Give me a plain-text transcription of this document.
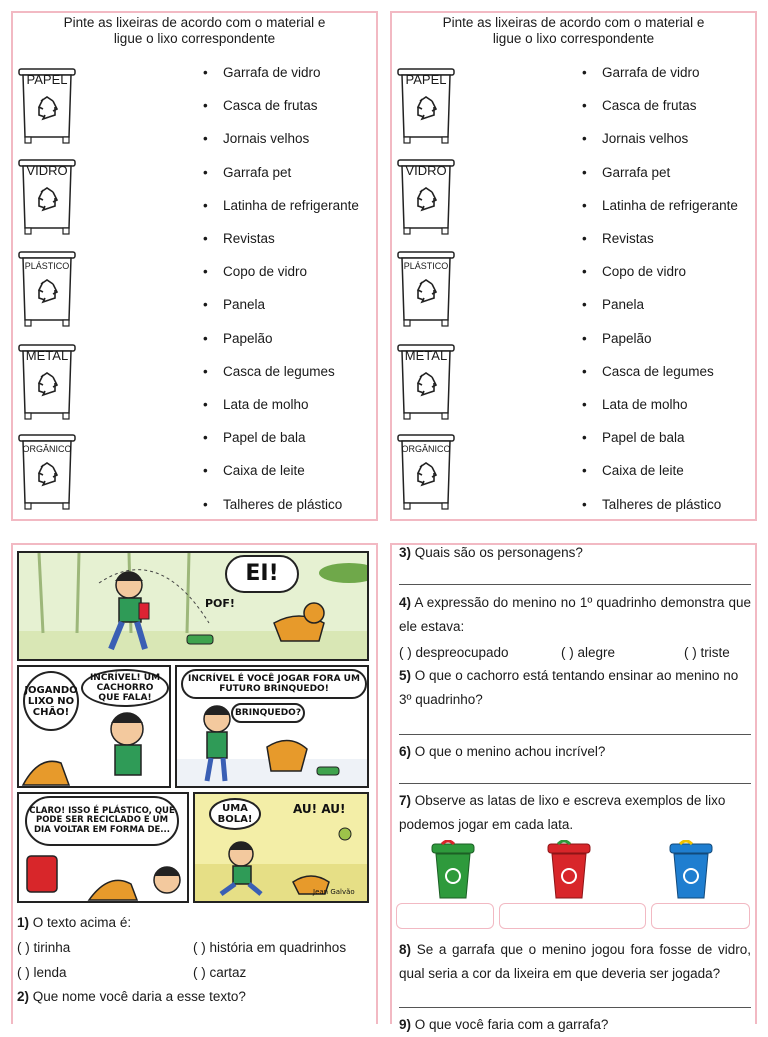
Pinte as lixeiras de acordo com o material e
ligue o lixo correspondente
PAPEL
VIDRO
PLÁSTICO
METAL
ORGÂNICO
• Garrafa de vidro
• Casca de frutas
• Jornais velhos
• Garrafa pet
• Latinha de refrigerante
• Revistas
• Copo de vidro
• Panela
• Papelão
• Casca de legumes
• Lata de molho
• Papel de bala
• Caixa de leite
• Talheres de plástico
Pinte as lixeiras de acordo com o material e
ligue o lixo correspondente
PAPEL
VIDRO
PLÁSTICO
METAL
ORGÂNICO
• Garrafa de vidro
• Casca de frutas
• Jornais velhos
• Garrafa pet
• Latinha de refrigerante
• Revistas
• Copo de vidro
• Panela
• Papelão
• Casca de legumes
• Lata de molho
• Papel de bala
• Caixa de leite
• Talheres de plástico
EI!
POF!
JOGANDO LIXO NO CHÃO!
INCRÍVEL! UM CACHORRO QUE FALA!
INCRÍVEL É VOCÊ JOGAR FORA UM FUTURO BRINQUEDO!
BRINQUEDO?
CLARO! ISSO É PLÁSTICO, QUE PODE SER RECICLADO E UM DIA VOLTAR EM FORMA DE...
UMA BOLA!
AU! AU!
Jean Galvão
1) O texto acima é:
( ) tirinha	( ) história em quadrinhos
( ) lenda	( ) cartaz
2) Que nome você daria a esse texto?
3) Quais são os personagens?
4) A expressão do menino no 1º quadrinho demonstra que ele estava:
( ) despreocupado	( ) alegre	( ) triste
5) O que o cachorro está tentando ensinar ao menino no 3º quadrinho?
6) O que o menino achou incrível?
7) Observe as latas de lixo e escreva exemplos de lixo podemos jogar em cada lata.
8) Se a garrafa que o menino jogou fora fosse de vidro, qual seria a cor da lixeira em que deveria ser jogada?
9) O que você faria com a garrafa?
